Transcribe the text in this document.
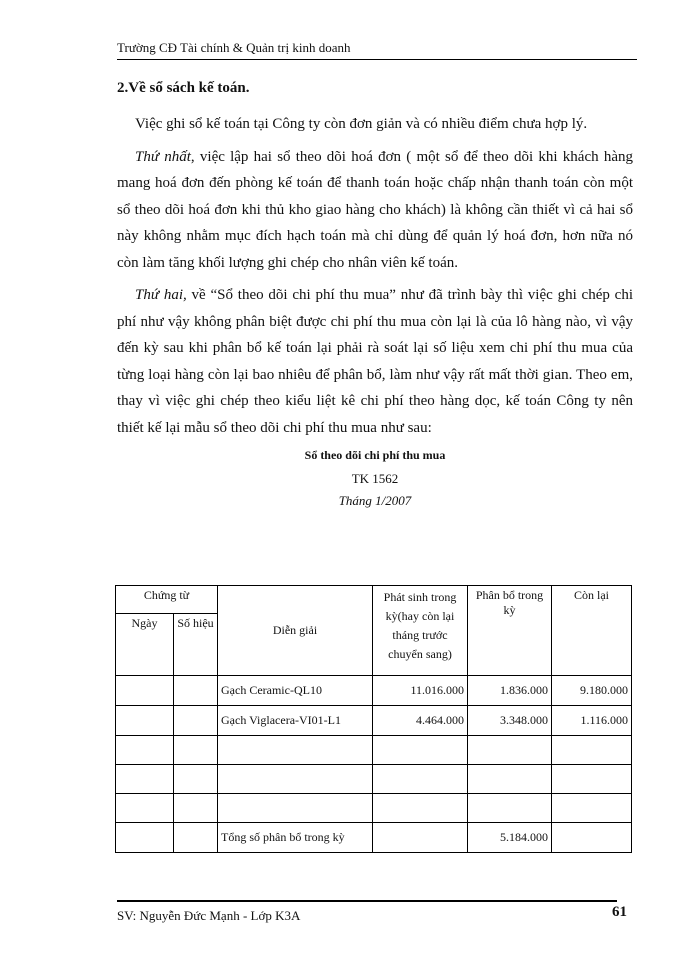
Trường CĐ Tài chính & Quản trị kinh doanh
2.Về sổ sách kế toán.

Việc ghi sổ kế toán tại Công ty còn đơn giản và có nhiều điểm chưa hợp lý.

Thứ nhất, việc lập hai sổ theo dõi hoá đơn ( một sổ để theo dõi khi khách hàng mang hoá đơn đến phòng kế toán để thanh toán hoặc chấp nhận thanh toán còn một sổ theo dõi hoá đơn khi thủ kho giao hàng cho khách) là không cần thiết vì cả hai sổ này không nhằm mục đích hạch toán mà chỉ dùng để quản lý hoá đơn, hơn nữa nó còn làm tăng khối lượng ghi chép cho nhân viên kế toán.

Thứ hai, về “Sổ theo dõi chi phí thu mua” như đã trình bày thì việc ghi chép chi phí như vậy không phân biệt được chi phí thu mua còn lại là của lô hàng nào, vì vậy đến kỳ sau khi phân bổ kế toán lại phải rà soát lại số liệu xem chi phí thu mua của từng loại hàng còn lại bao nhiêu để phân bổ, làm như vậy rất mất thời gian. Theo em, thay vì việc ghi chép theo kiểu liệt kê chi phí theo hàng dọc, kế toán Công ty nên thiết kế lại mẫu sổ theo dõi chi phí thu mua như sau:

Sổ theo dõi chi phí thu mua
TK 1562
Tháng 1/2007
Chứng từ		Diễn giải	Phát sinh trong kỳ(hay còn lại tháng trước chuyển sang)	Phân bổ trong kỳ	Còn lại
Ngày	Số hiệu				
		Gạch Ceramic-QL10	11.016.000	1.836.000	9.180.000
		Gạch Viglacera-VI01-L1	4.464.000	3.348.000	1.116.000

		Tổng số phân bổ trong kỳ		5.184.000	
SV: Nguyễn Đức Mạnh - Lớp K3A	61
